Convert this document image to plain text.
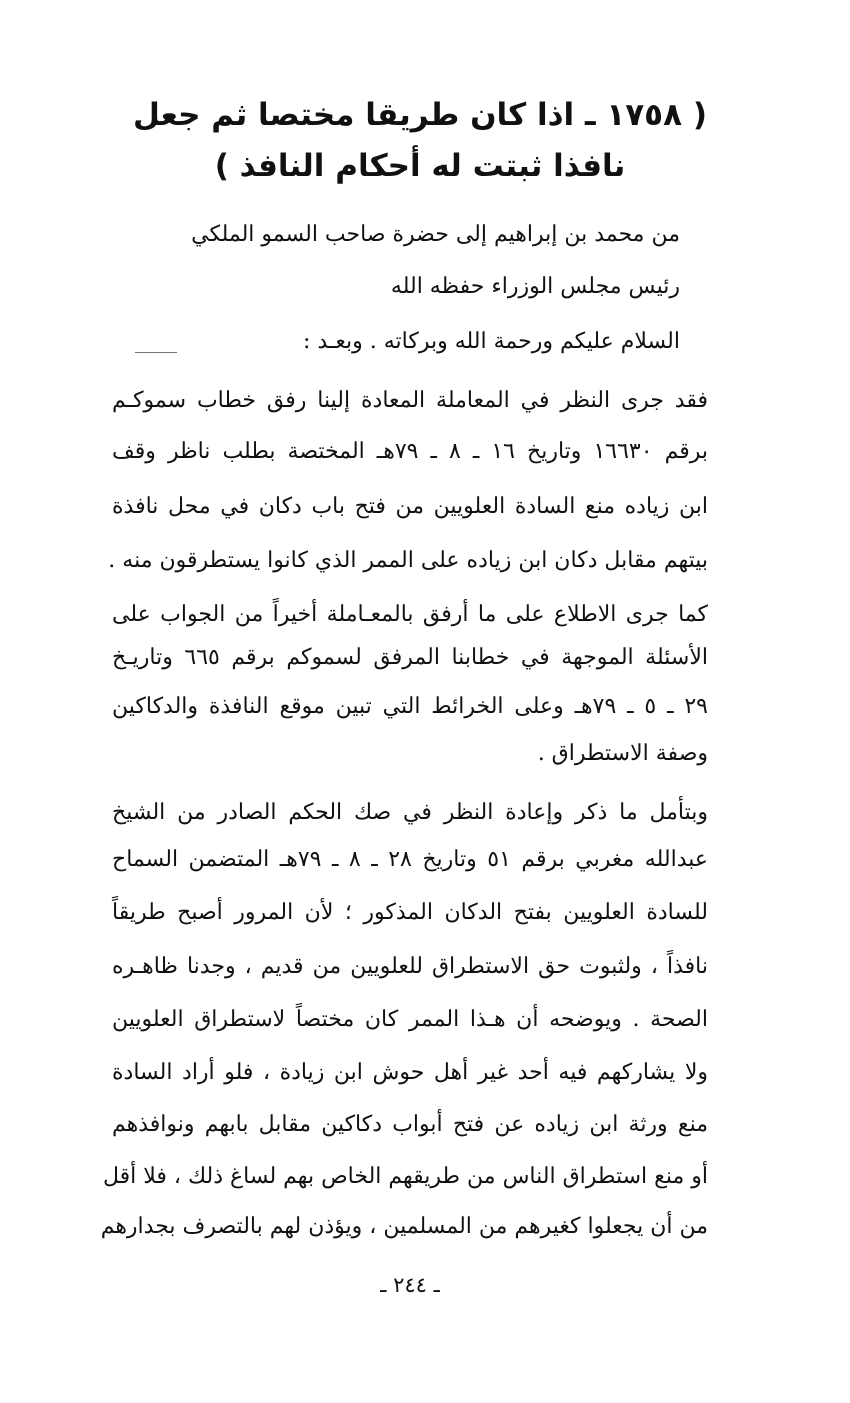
( ١٧٥٨ ـ اذا كان طريقا مختصا ثم جعل
نافذا ثبتت له أحكام النافذ )
من محمد بن إبراهيم إلى حضرة صاحب السمو الملكي
رئيس مجلس الوزراء حفظه الله
السلام عليكم ورحمة الله وبركاته . وبعـد :
فقد جرى النظر في المعاملة المعادة إلينا رفق خطاب سموكـم
برقم ١٦٦٣٠ وتاريخ ١٦ ـ ٨ ـ ٧٩هـ المختصة بطلب ناظر وقف
ابن زياده منع السادة العلويين من فتح باب دكان في محل نافذة
بيتهم مقابل دكان ابن زياده على الممر الذي كانوا يستطرقون منه .
كما جرى الاطلاع على ما أرفق بالمعـاملة أخيراً من الجواب على
الأسئلة الموجهة في خطابنا المرفق لسموكم برقم ٦٦٥ وتاريـخ
٢٩ ـ ٥ ـ ٧٩هـ وعلى الخرائط التي تبين موقع النافذة والدكاكين
وصفة الاستطراق .
وبتأمل ما ذكر وإعادة النظر في صك الحكم الصادر من الشيخ
عبدالله مغربي برقم ٥١ وتاريخ ٢٨ ـ ٨ ـ ٧٩هـ المتضمن السماح
للسادة العلويين بفتح الدكان المذكور ؛ لأن المرور أصبح طريقاً
نافذاً ، ولثبوت حق الاستطراق للعلويين من قديم ، وجدنا ظاهـره
الصحة . ويوضحه أن هـذا الممر كان مختصاً لاستطراق العلويين
ولا يشاركهم فيه أحد غير أهل حوش ابن زيادة ، فلو أراد السادة
منع ورثة ابن زياده عن فتح أبواب دكاكين مقابل بابهم ونوافذهم
أو منع استطراق الناس من طريقهم الخاص بهم لساغ ذلك ، فلا أقل
من أن يجعلوا كغيرهم من المسلمين ، ويؤذن لهم بالتصرف بجدارهم
ـ ٢٤٤ ـ
